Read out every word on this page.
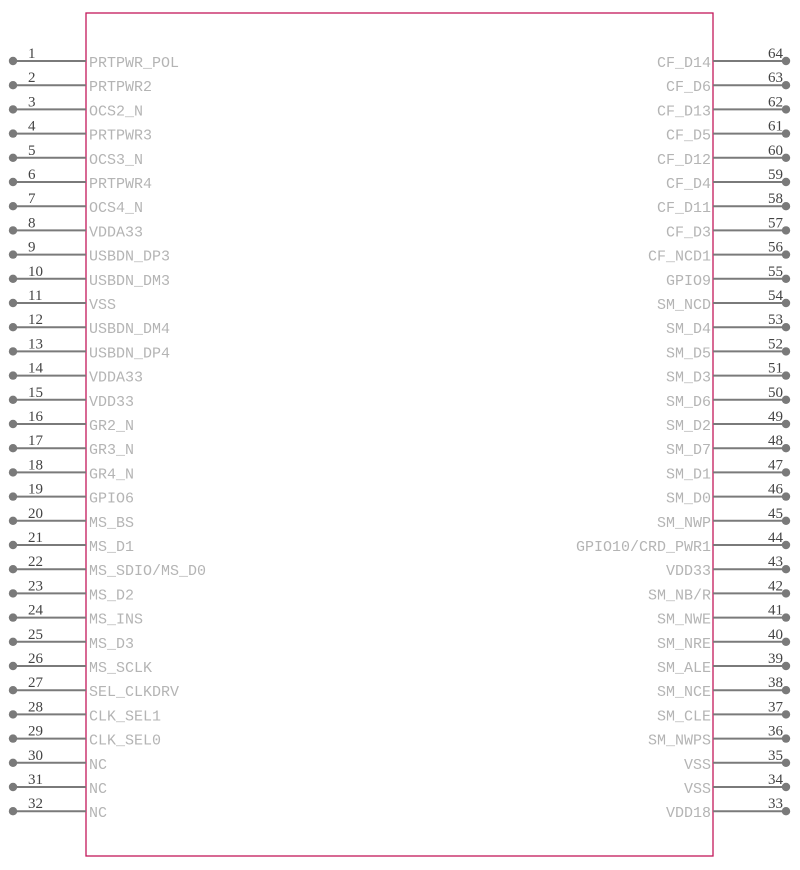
1
PRTPWR_POL
2
PRTPWR2
3
OCS2_N
4
PRTPWR3
5
OCS3_N
6
PRTPWR4
7
OCS4_N
8
VDDA33
9
USBDN_DP3
10
USBDN_DM3
11
VSS
12
USBDN_DM4
13
USBDN_DP4
14
VDDA33
15
VDD33
16
GR2_N
17
GR3_N
18
GR4_N
19
GPIO6
20
MS_BS
21
MS_D1
22
MS_SDIO/MS_D0
23
MS_D2
24
MS_INS
25
MS_D3
26
MS_SCLK
27
SEL_CLKDRV
28
CLK_SEL1
29
CLK_SEL0
30
NC
31
NC
32
NC
64
CF_D14
63
CF_D6
62
CF_D13
61
CF_D5
60
CF_D12
59
CF_D4
58
CF_D11
57
CF_D3
56
CF_NCD1
55
GPIO9
54
SM_NCD
53
SM_D4
52
SM_D5
51
SM_D3
50
SM_D6
49
SM_D2
48
SM_D7
47
SM_D1
46
SM_D0
45
SM_NWP
44
GPIO10/CRD_PWR1
43
VDD33
42
SM_NB/R
41
SM_NWE
40
SM_NRE
39
SM_ALE
38
SM_NCE
37
SM_CLE
36
SM_NWPS
35
VSS
34
VSS
33
VDD18
